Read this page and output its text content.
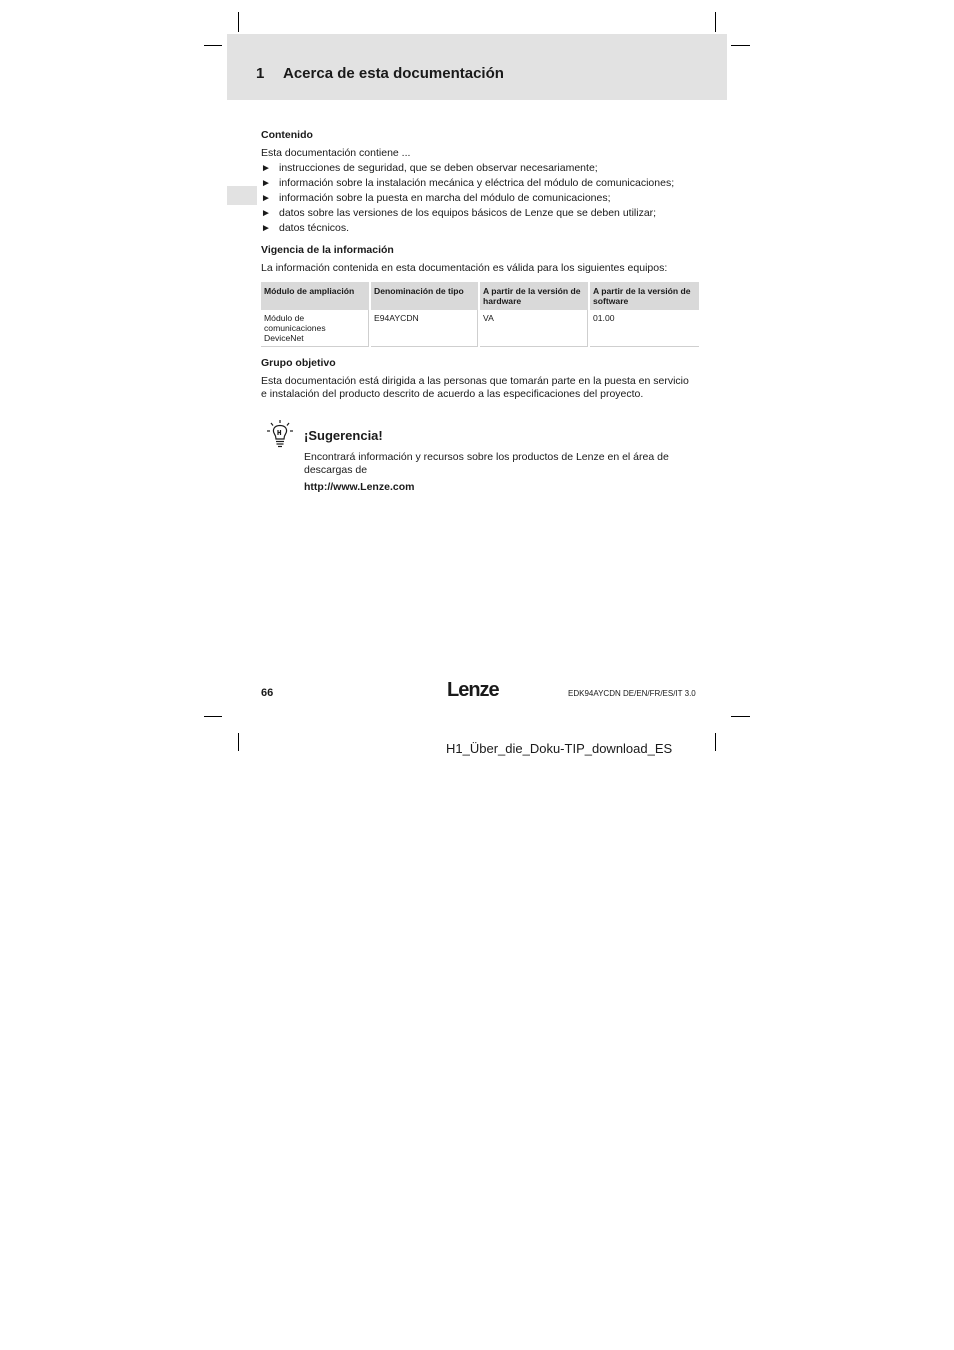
1 Acerca de esta documentación
Contenido
Esta documentación contiene ...
► instrucciones de seguridad, que se deben observar necesariamente;
► información sobre la instalación mecánica y eléctrica del módulo de comunicaciones;
► información sobre la puesta en marcha del módulo de comunicaciones;
► datos sobre las versiones de los equipos básicos de Lenze que se deben utilizar;
► datos técnicos.
Vigencia de la información
La información contenida en esta documentación es válida para los siguientes equipos:
Módulo de ampliación	Denominación de tipo	A partir de la versión de hardware	A partir de la versión de software
Módulo de comunicaciones DeviceNet	E94AYCDN	VA	01.00
Grupo objetivo
Esta documentación está dirigida a las personas que tomarán parte en la puesta en servicio
e instalación del producto descrito de acuerdo a las especificaciones del proyecto.
¡Sugerencia!
Encontrará información y recursos sobre los productos de Lenze en el área de descargas de
http://www.Lenze.com
66	Lenze	EDK94AYCDN DE/EN/FR/ES/IT 3.0
H1_Über_die_Doku-TIP_download_ES
